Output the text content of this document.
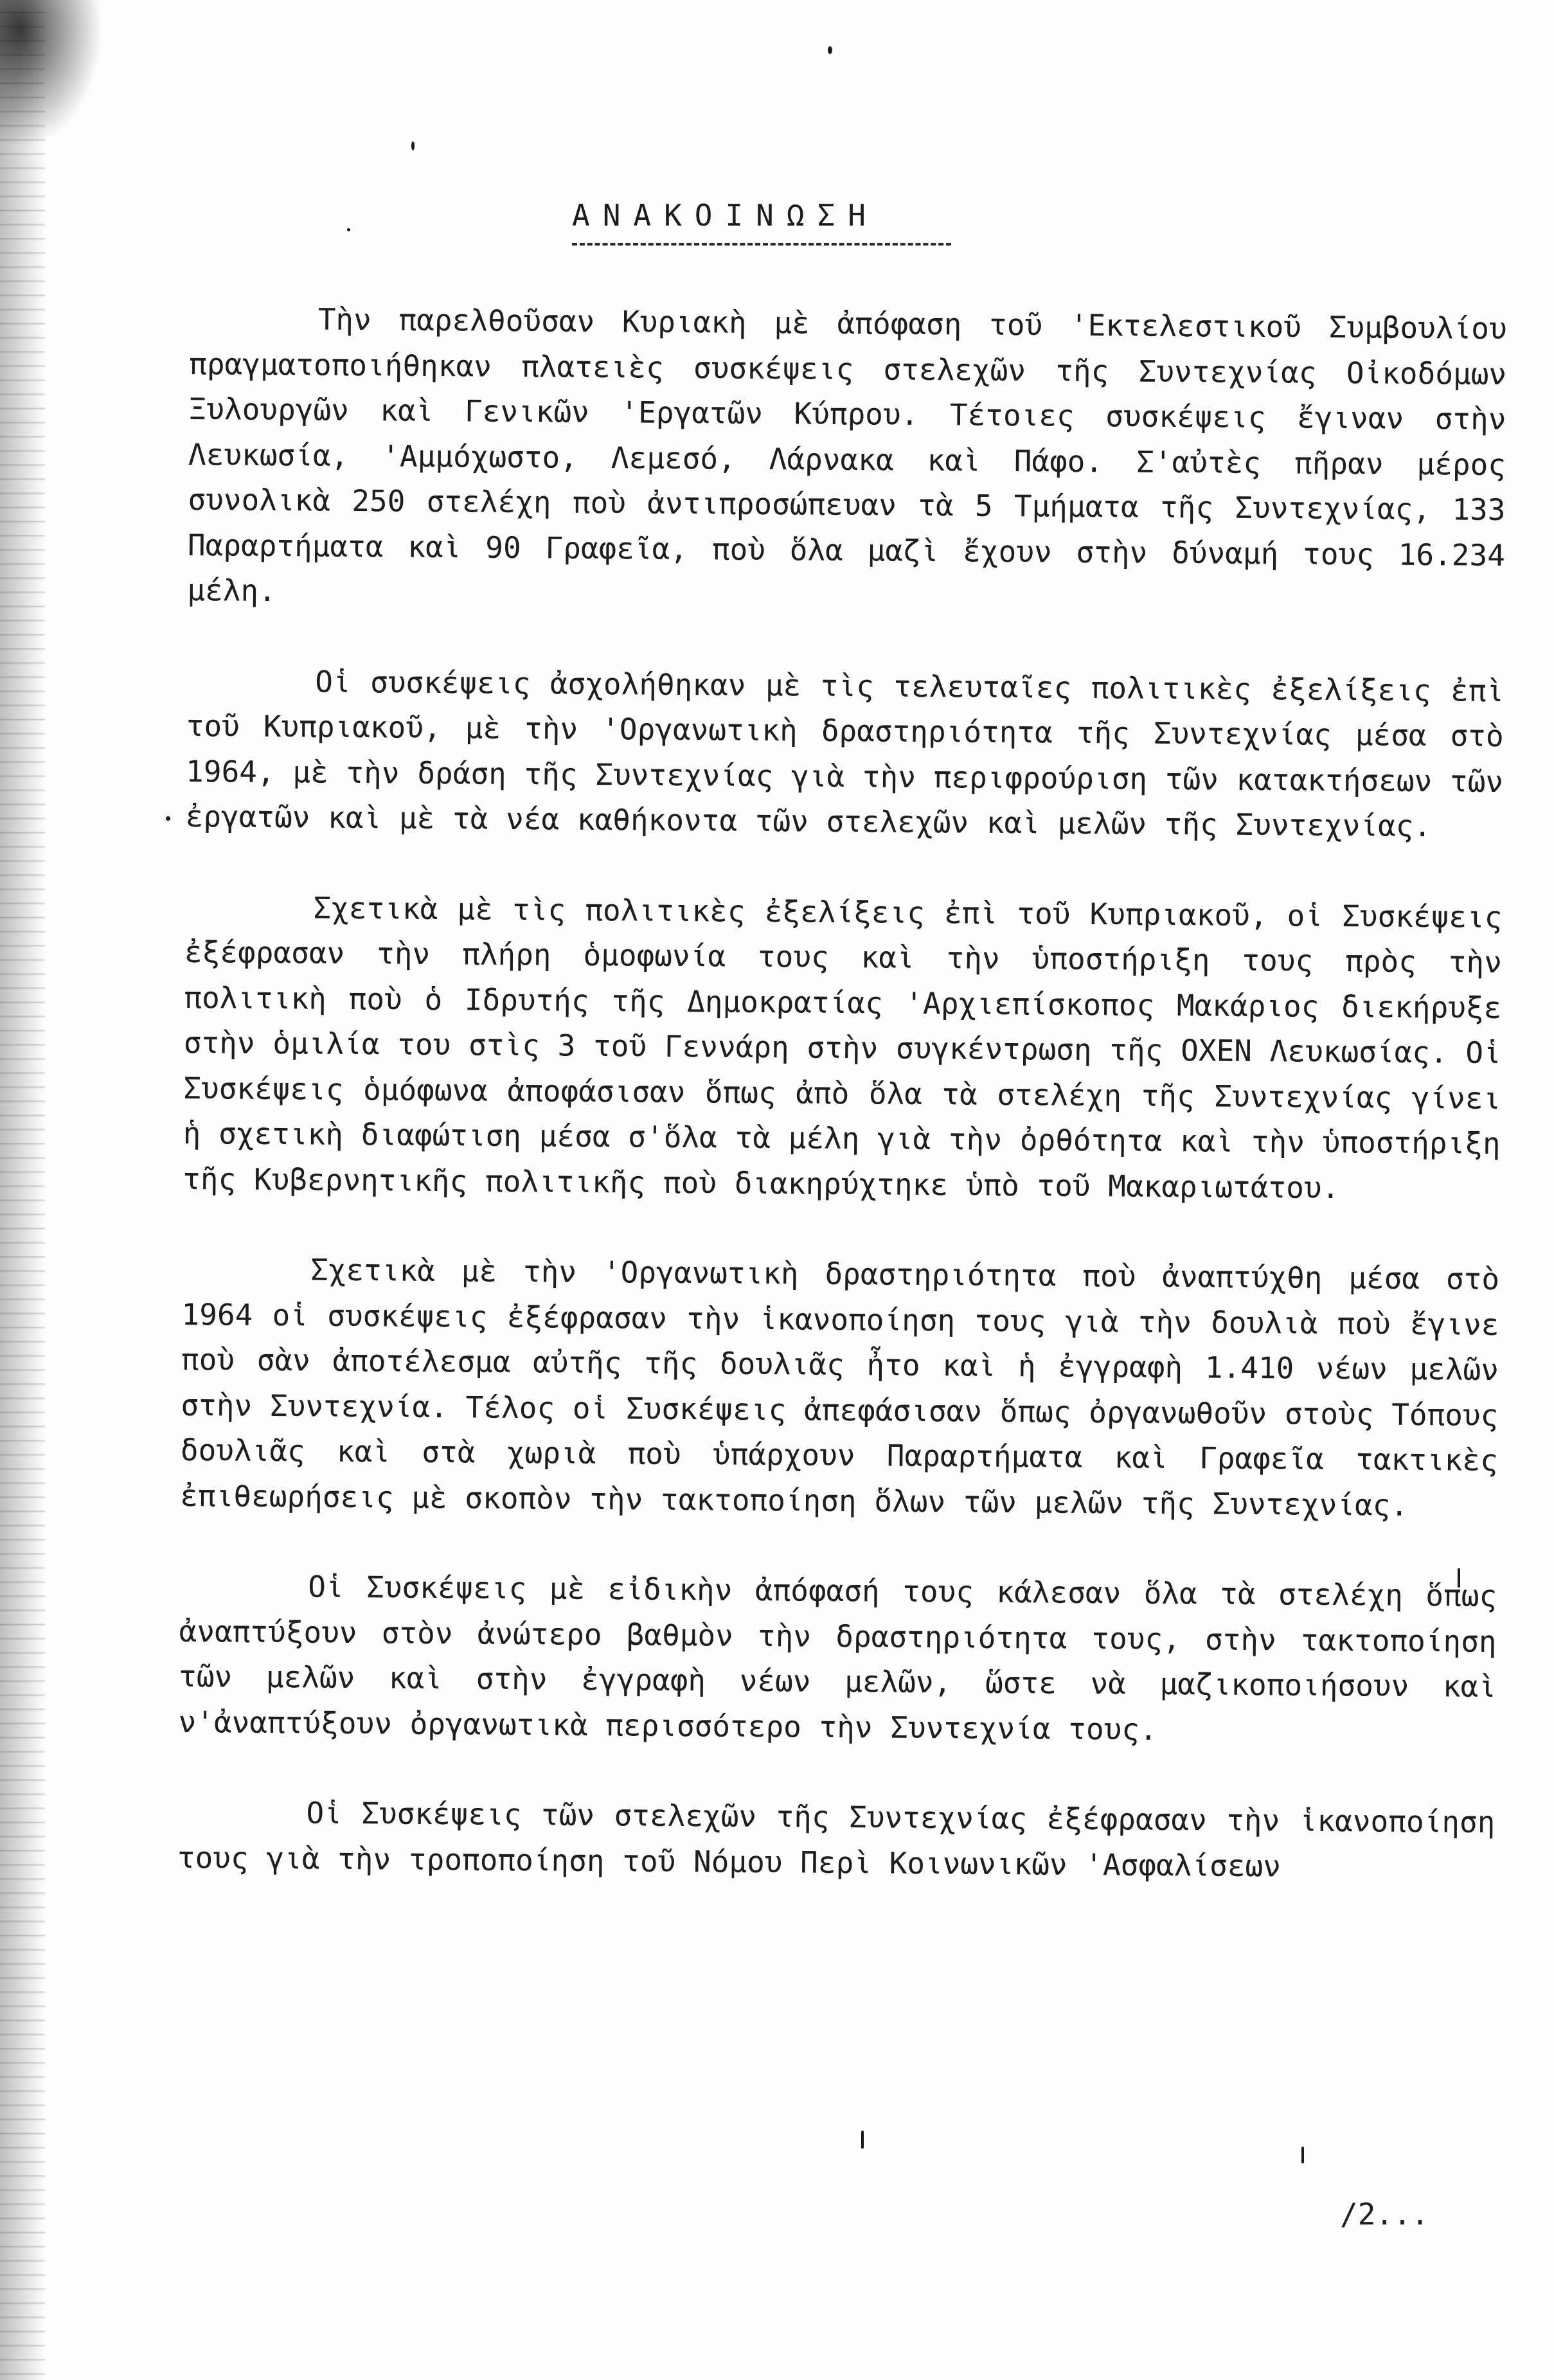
ΑΝΑΚΟΙΝΩΣΗ

Τὴν παρελθοῦσαν Κυριακὴ μὲ ἀπόφαση τοῦ 'Εκτελεστικοῦ Συμβουλίου πραγματοποιήθηκαν πλατειὲς συσκέψεις στελεχῶν τῆς Συντεχνίας Οἰκοδόμων Ξυλουργῶν καὶ Γενικῶν 'Εργατῶν Κύπρου. Τέτοιες συσκέψεις ἔγιναν στὴν Λευκωσία, 'Αμμόχωστο, Λεμεσό, Λάρνακα καὶ Πάφο. Σ'αὐτὲς πῆραν μέρος συνολικὰ 250 στελέχη ποὺ ἀντιπροσώπευαν τὰ 5 Τμήματα τῆς Συντεχνίας, 133 Παραρτήματα καὶ 90 Γραφεῖα, ποὺ ὅλα μαζὶ ἔχουν στὴν δύναμή τους 16.234 μέλη.

Οἱ συσκέψεις ἀσχολήθηκαν μὲ τὶς τελευταῖες πολιτικὲς ἐξελίξεις ἐπὶ τοῦ Κυπριακοῦ, μὲ τὴν 'Οργανωτικὴ δραστηριότητα τῆς Συντεχνίας μέσα στὸ 1964, μὲ τὴν δράση τῆς Συντεχνίας γιὰ τὴν περιφρούριση τῶν κατακτήσεων τῶν ἐργατῶν καὶ μὲ τὰ νέα καθήκοντα τῶν στελεχῶν καὶ μελῶν τῆς Συντεχνίας.

Σχετικὰ μὲ τὶς πολιτικὲς ἐξελίξεις ἐπὶ τοῦ Κυπριακοῦ, οἱ Συσκέψεις ἐξέφρασαν τὴν πλήρη ὁμοφωνία τους καὶ τὴν ὑποστήριξη τους πρὸς τὴν πολιτικὴ ποὺ ὁ Ιδρυτής τῆς Δημοκρατίας 'Αρχιεπίσκοπος Μακάριος διεκήρυξε στὴν ὁμιλία του στὶς 3 τοῦ Γεννάρη στὴν συγκέντρωση τῆς ΟΧΕΝ Λευκωσίας. Οἱ Συσκέψεις ὁμόφωνα ἀποφάσισαν ὅπως ἀπὸ ὅλα τὰ στελέχη τῆς Συντεχνίας γίνει ἡ σχετικὴ διαφώτιση μέσα σ'ὅλα τὰ μέλη γιὰ τὴν ὀρθότητα καὶ τὴν ὑποστήριξη τῆς Κυβερνητικῆς πολιτικῆς ποὺ διακηρύχτηκε ὑπὸ τοῦ Μακαριωτάτου.

Σχετικὰ μὲ τὴν 'Οργανωτικὴ δραστηριότητα ποὺ ἀναπτύχθη μέσα στὸ 1964 οἱ συσκέψεις ἐξέφρασαν τὴν ἱκανοποίηση τους γιὰ τὴν δουλιὰ ποὺ ἔγινε ποὺ σὰν ἀποτέλεσμα αὐτῆς τῆς δουλιᾶς ἦτο καὶ ἡ ἐγγραφὴ 1.410 νέων μελῶν στὴν Συντεχνία. Τέλος οἱ Συσκέψεις ἀπεφάσισαν ὅπως ὀργανωθοῦν στοὺς Τόπους δουλιᾶς καὶ στὰ χωριὰ ποὺ ὑπάρχουν Παραρτήματα καὶ Γραφεῖα τακτικὲς ἐπιθεωρήσεις μὲ σκοπὸν τὴν τακτοποίηση ὅλων τῶν μελῶν τῆς Συντεχνίας.

Οἱ Συσκέψεις μὲ εἰδικὴν ἀπόφασή τους κάλεσαν ὅλα τὰ στελέχη ὅπως ἀναπτύξουν στὸν ἀνώτερο βαθμὸν τὴν δραστηριότητα τους, στὴν τακτοποίηση τῶν μελῶν καὶ στὴν ἐγγραφὴ νέων μελῶν, ὥστε νὰ μαζικοποιήσουν καὶ ν'ἀναπτύξουν ὀργανωτικὰ περισσότερο τὴν Συντεχνία τους.

Οἱ Συσκέψεις τῶν στελεχῶν τῆς Συντεχνίας ἐξέφρασαν τὴν ἱκανοποίηση τους γιὰ τὴν τροποποίηση τοῦ Νόμου Περὶ Κοινωνικῶν 'Ασφαλίσεων

/2...
